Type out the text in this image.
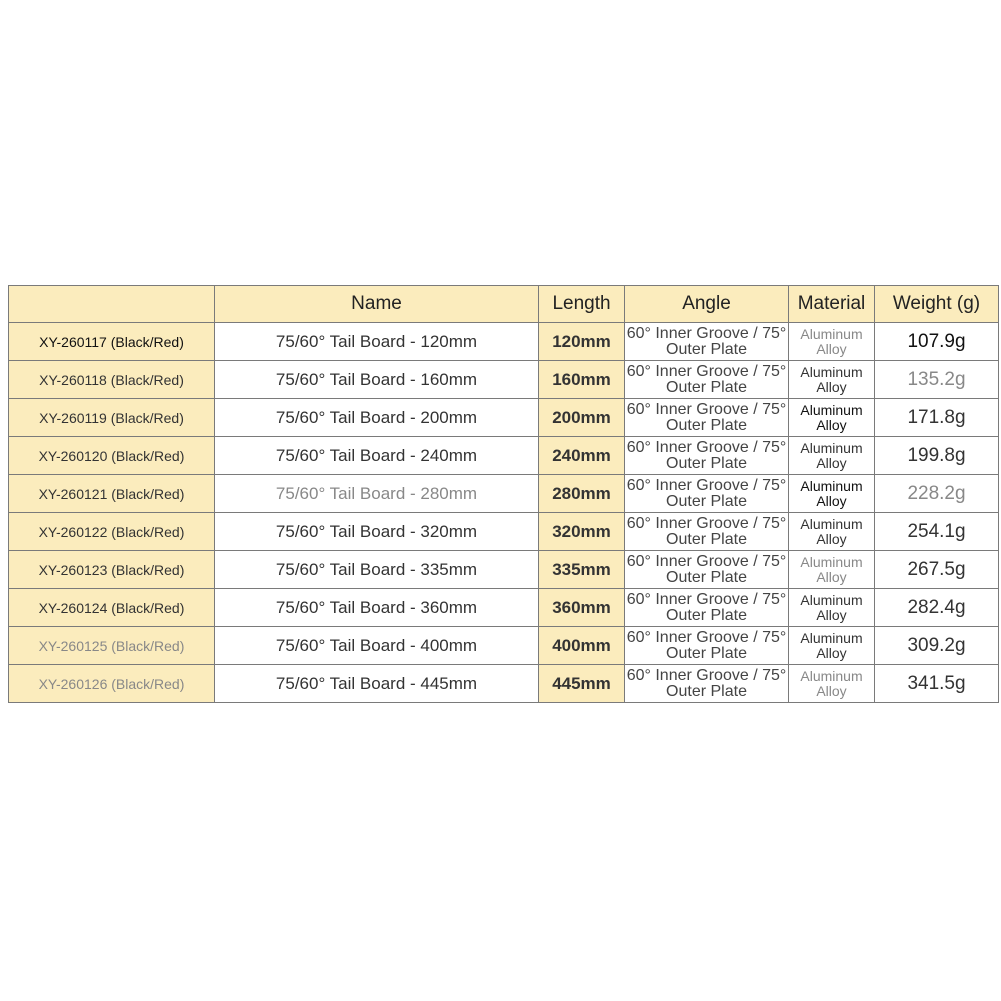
	Name	Length	Angle	Material	Weight (g)
XY-260117 (Black/Red)	75/60° Tail Board - 120mm	120mm	60° Inner Groove / 75° Outer Plate	Aluminum Alloy	107.9g
XY-260118 (Black/Red)	75/60° Tail Board - 160mm	160mm	60° Inner Groove / 75° Outer Plate	Aluminum Alloy	135.2g
XY-260119 (Black/Red)	75/60° Tail Board - 200mm	200mm	60° Inner Groove / 75° Outer Plate	Aluminum Alloy	171.8g
XY-260120 (Black/Red)	75/60° Tail Board - 240mm	240mm	60° Inner Groove / 75° Outer Plate	Aluminum Alloy	199.8g
XY-260121 (Black/Red)	75/60° Tail Board - 280mm	280mm	60° Inner Groove / 75° Outer Plate	Aluminum Alloy	228.2g
XY-260122 (Black/Red)	75/60° Tail Board - 320mm	320mm	60° Inner Groove / 75° Outer Plate	Aluminum Alloy	254.1g
XY-260123 (Black/Red)	75/60° Tail Board - 335mm	335mm	60° Inner Groove / 75° Outer Plate	Aluminum Alloy	267.5g
XY-260124 (Black/Red)	75/60° Tail Board - 360mm	360mm	60° Inner Groove / 75° Outer Plate	Aluminum Alloy	282.4g
XY-260125 (Black/Red)	75/60° Tail Board - 400mm	400mm	60° Inner Groove / 75° Outer Plate	Aluminum Alloy	309.2g
XY-260126 (Black/Red)	75/60° Tail Board - 445mm	445mm	60° Inner Groove / 75° Outer Plate	Aluminum Alloy	341.5g
